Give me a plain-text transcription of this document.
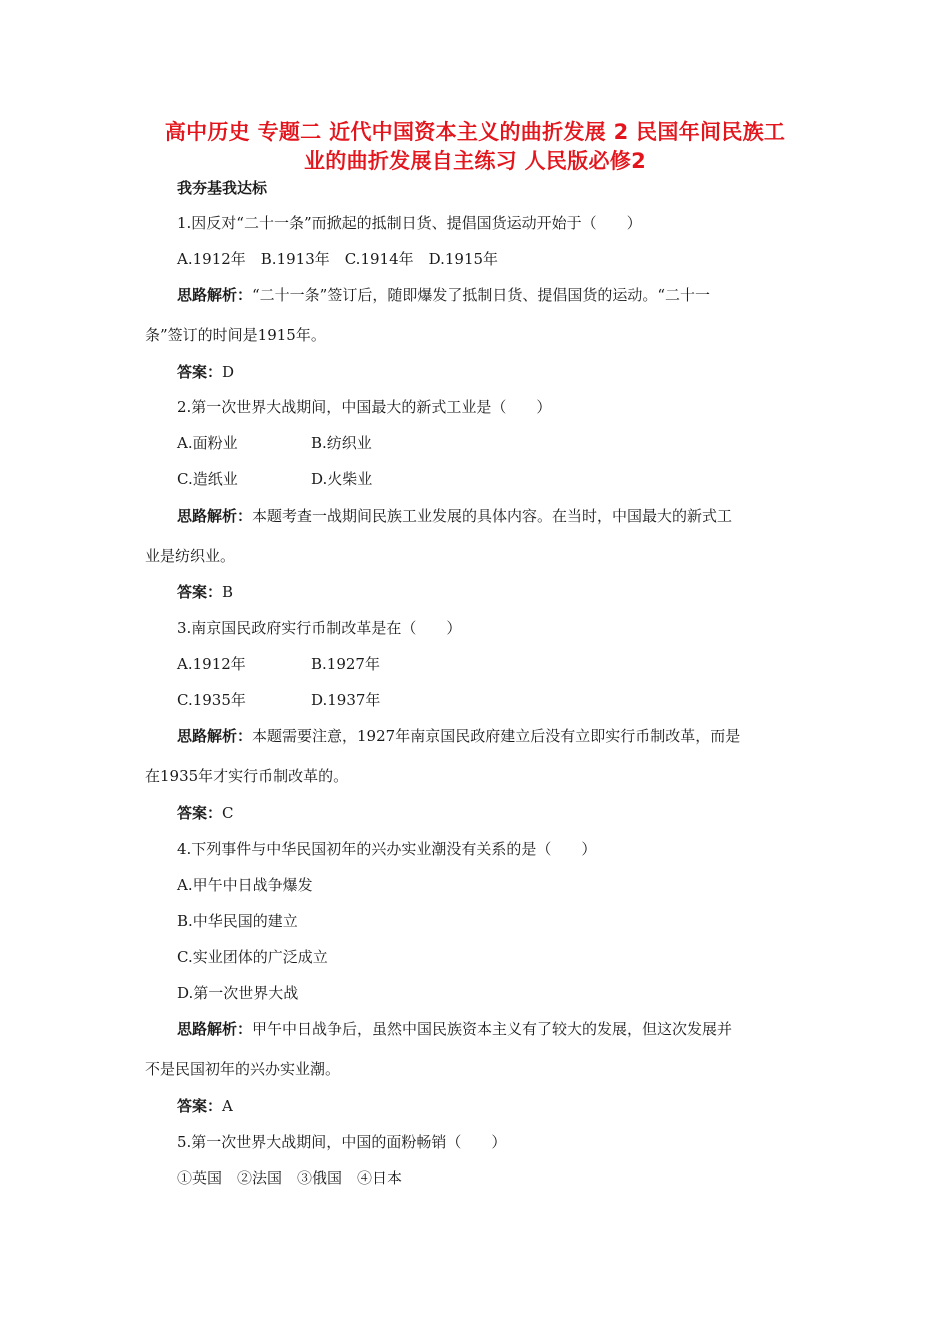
高中历史 专题二 近代中国资本主义的曲折发展 2 民国年间民族工
业的曲折发展自主练习 人民版必修2
我夯基我达标
1.因反对“二十一条”而掀起的抵制日货、提倡国货运动开始于（　　）
A.1912年　B.1913年　C.1914年　D.1915年
思路解析：“二十一条”签订后，随即爆发了抵制日货、提倡国货的运动。“二十一
条”签订的时间是1915年。
答案：D
2.第一次世界大战期间，中国最大的新式工业是（　　）
A.面粉业	B.纺织业
C.造纸业	D.火柴业
思路解析：本题考查一战期间民族工业发展的具体内容。在当时，中国最大的新式工
业是纺织业。
答案：B
3.南京国民政府实行币制改革是在（　　）
A.1912年	B.1927年
C.1935年	D.1937年
思路解析：本题需要注意，1927年南京国民政府建立后没有立即实行币制改革，而是
在1935年才实行币制改革的。
答案：C
4.下列事件与中华民国初年的兴办实业潮没有关系的是（　　）
A.甲午中日战争爆发
B.中华民国的建立
C.实业团体的广泛成立
D.第一次世界大战
思路解析：甲午中日战争后，虽然中国民族资本主义有了较大的发展，但这次发展并
不是民国初年的兴办实业潮。
答案：A
5.第一次世界大战期间，中国的面粉畅销（　　）
①英国　②法国　③俄国　④日本
